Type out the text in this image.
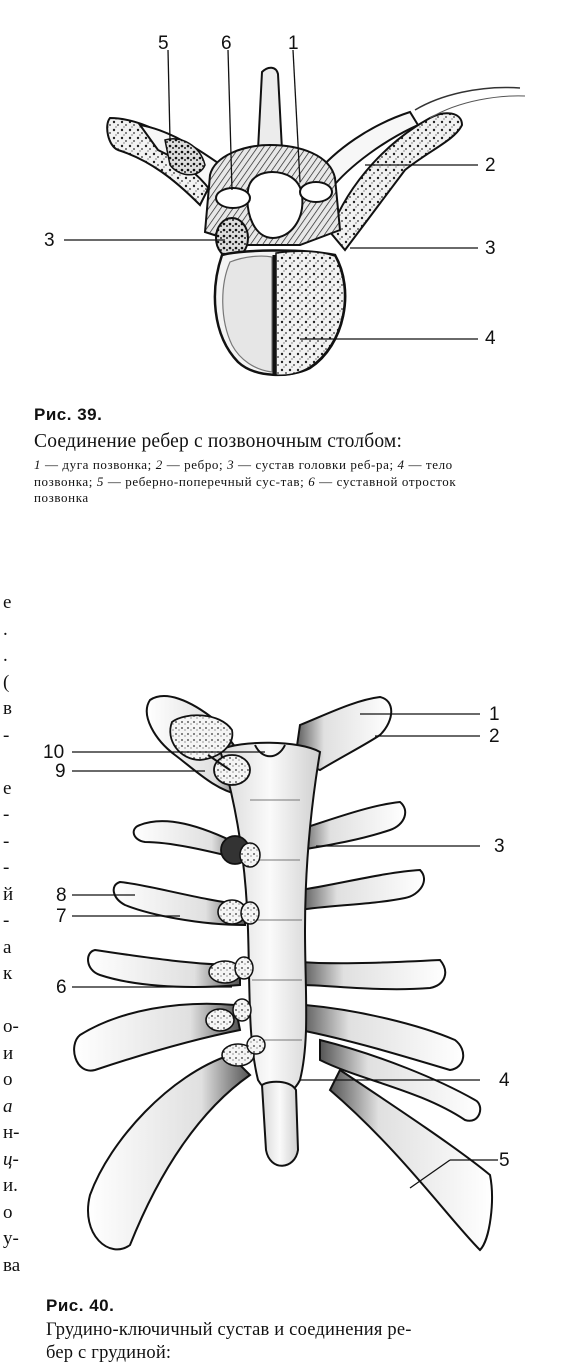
5	6	1
2
3	3
4
Рис. 39.
Соединение ребер с позвоночным столбом:
1 — дуга позвонка; 2 — ребро; 3 — сустав головки реб-ра; 4 — тело позвонка; 5 — реберно-поперечный сус-тав; 6 — суставной отросток позвонка
е
.
.
(
в
-
е
-
-
-
й
-
а
к
о-
и
о
а
н-
ц-
и.
о
у-
ва
1
2
10
9
3
8
7
6
4
5
Рис. 40.
Грудино-ключичный сустав и соединения ре-
бер с грудиной:
